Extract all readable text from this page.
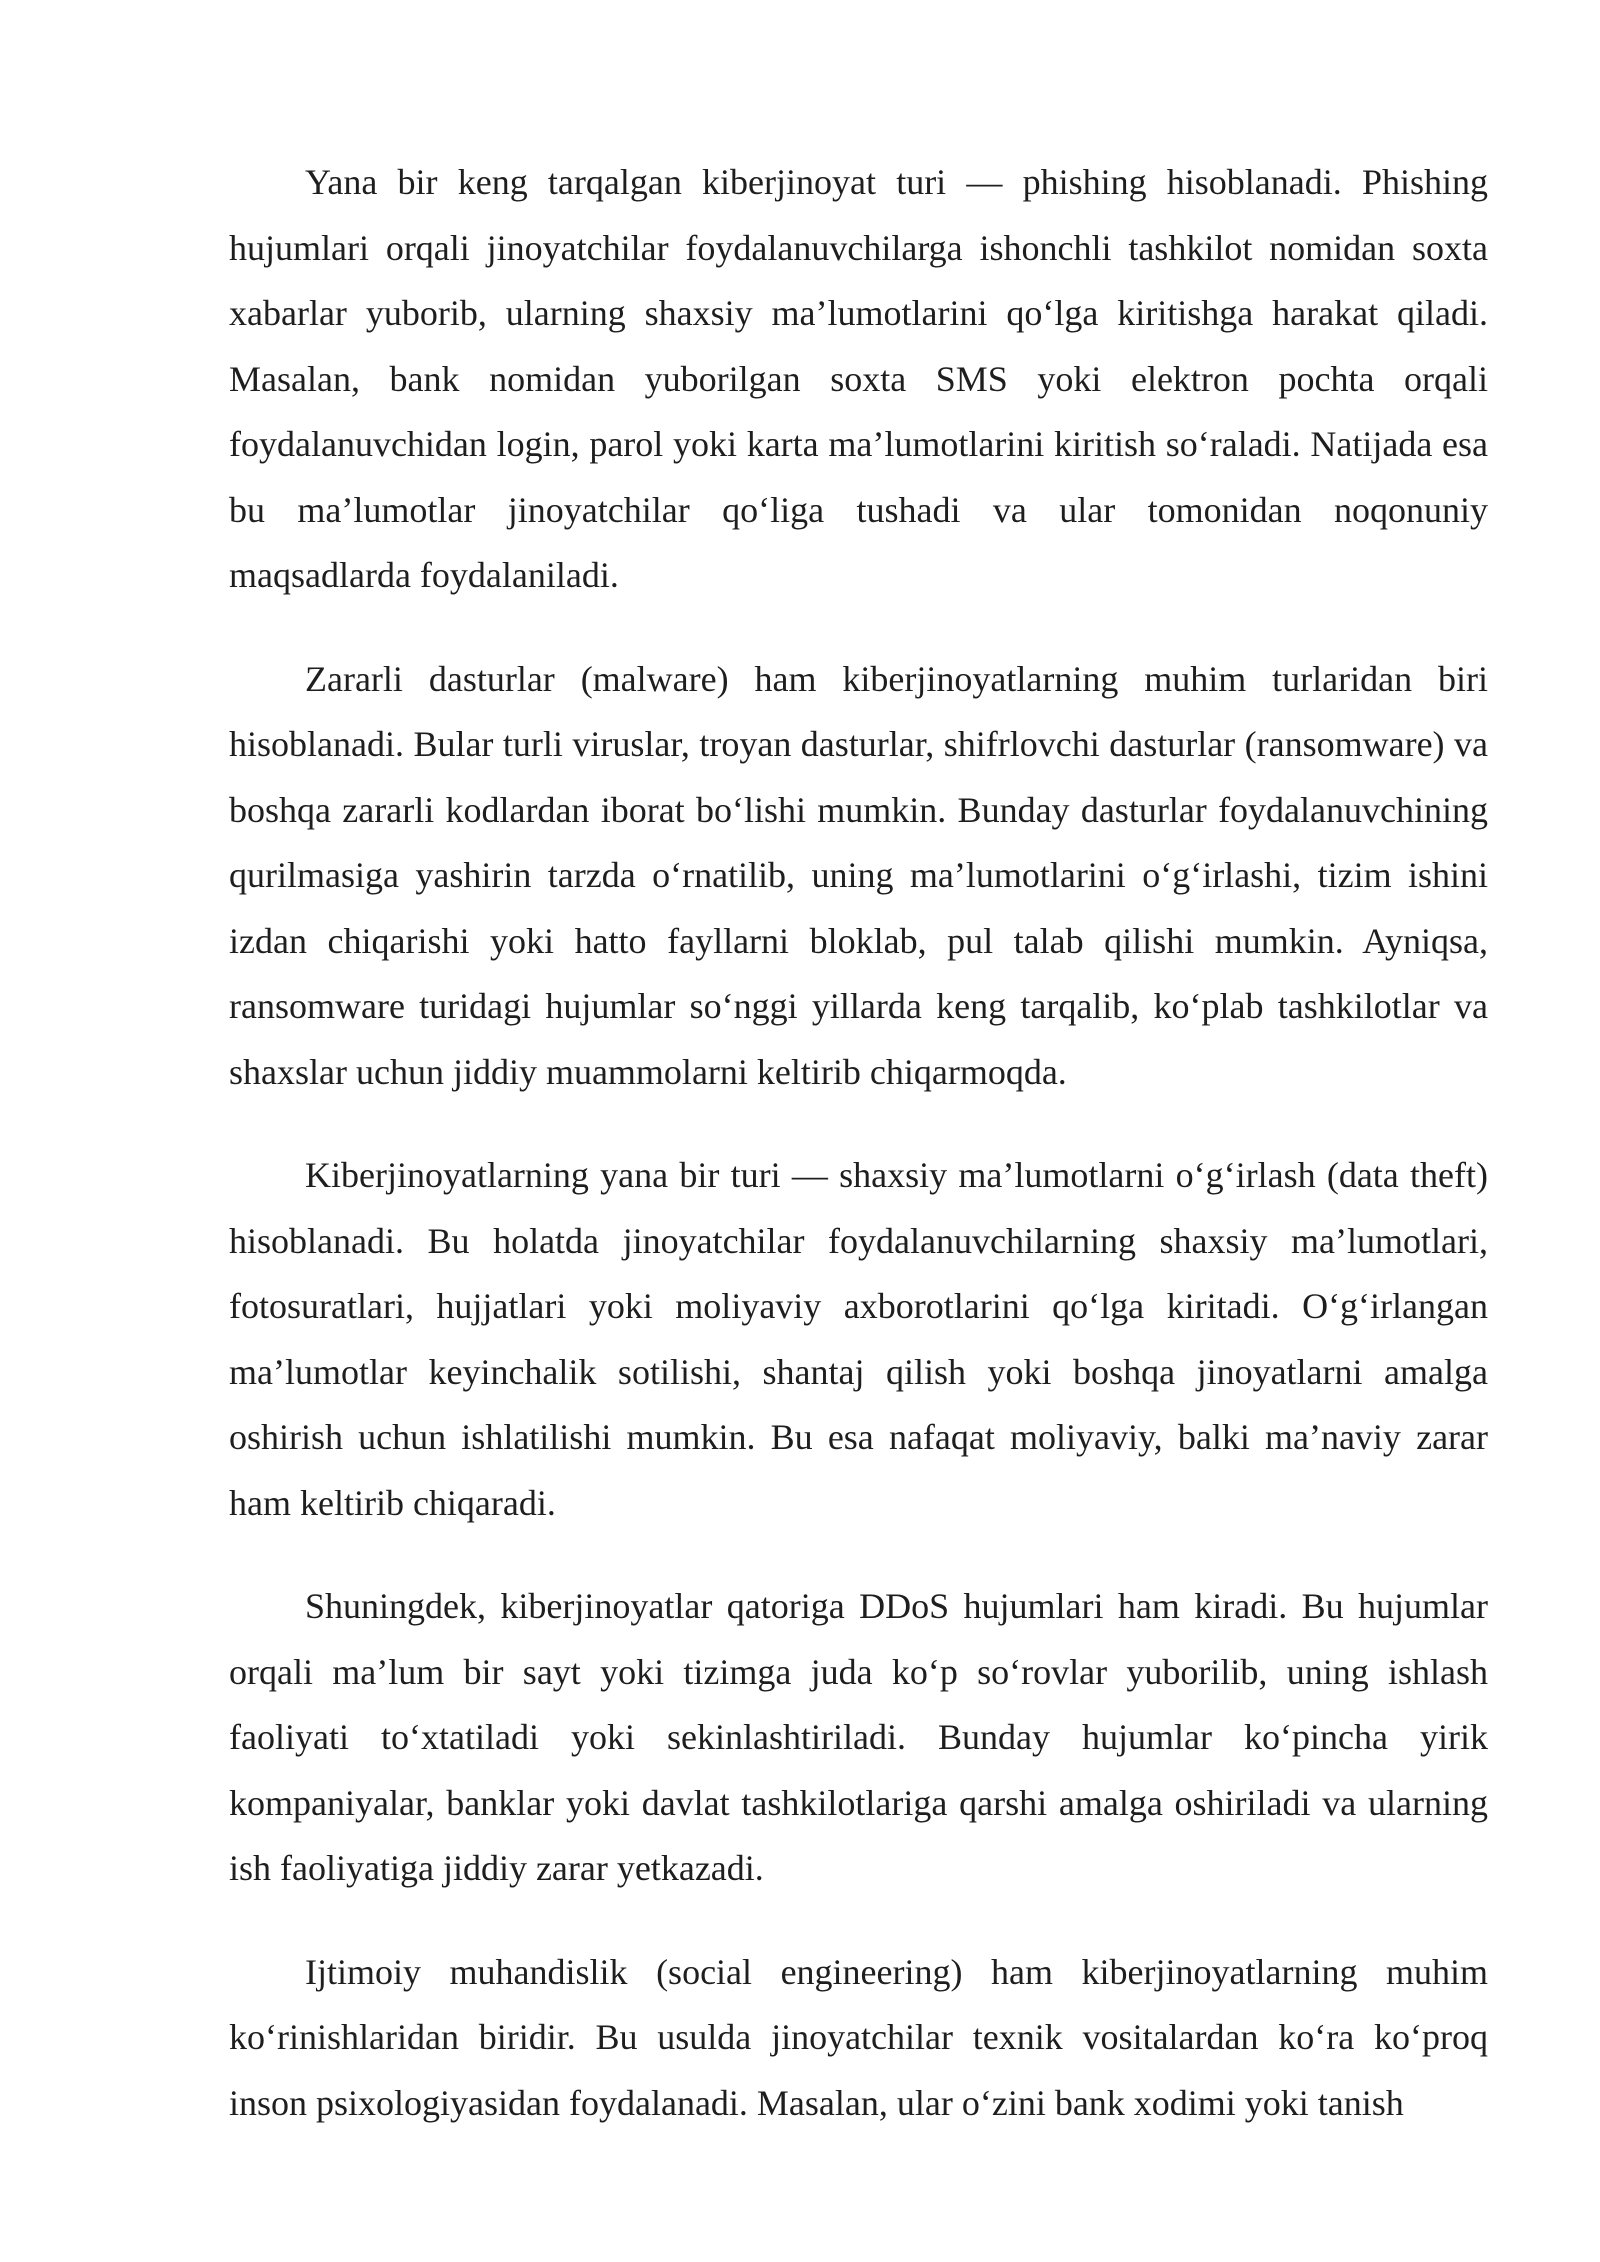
Yana bir keng tarqalgan kiberjinoyat turi — phishing hisoblanadi. Phishing hujumlari orqali jinoyatchilar foydalanuvchilarga ishonchli tashkilot nomidan soxta xabarlar yuborib, ularning shaxsiy ma’lumotlarini qo‘lga kiritishga harakat qiladi. Masalan, bank nomidan yuborilgan soxta SMS yoki elektron pochta orqali foydalanuvchidan login, parol yoki karta ma’lumotlarini kiritish so‘raladi. Natijada esa bu ma’lumotlar jinoyatchilar qo‘liga tushadi va ular tomonidan noqonuniy maqsadlarda foydalaniladi.

Zararli dasturlar (malware) ham kiberjinoyatlarning muhim turlaridan biri hisoblanadi. Bular turli viruslar, troyan dasturlar, shifrlovchi dasturlar (ransomware) va boshqa zararli kodlardan iborat bo‘lishi mumkin. Bunday dasturlar foydalanuvchining qurilmasiga yashirin tarzda o‘rnatilib, uning ma’lumotlarini o‘g‘irlashi, tizim ishini izdan chiqarishi yoki hatto fayllarni bloklab, pul talab qilishi mumkin. Ayniqsa, ransomware turidagi hujumlar so‘nggi yillarda keng tarqalib, ko‘plab tashkilotlar va shaxslar uchun jiddiy muammolarni keltirib chiqarmoqda.

Kiberjinoyatlarning yana bir turi — shaxsiy ma’lumotlarni o‘g‘irlash (data theft) hisoblanadi. Bu holatda jinoyatchilar foydalanuvchilarning shaxsiy ma’lumotlari, fotosuratlari, hujjatlari yoki moliyaviy axborotlarini qo‘lga kiritadi. O‘g‘irlangan ma’lumotlar keyinchalik sotilishi, shantaj qilish yoki boshqa jinoyatlarni amalga oshirish uchun ishlatilishi mumkin. Bu esa nafaqat moliyaviy, balki ma’naviy zarar ham keltirib chiqaradi.

Shuningdek, kiberjinoyatlar qatoriga DDoS hujumlari ham kiradi. Bu hujumlar orqali ma’lum bir sayt yoki tizimga juda ko‘p so‘rovlar yuborilib, uning ishlash faoliyati to‘xtatiladi yoki sekinlashtiriladi. Bunday hujumlar ko‘pincha yirik kompaniyalar, banklar yoki davlat tashkilotlariga qarshi amalga oshiriladi va ularning ish faoliyatiga jiddiy zarar yetkazadi.

Ijtimoiy muhandislik (social engineering) ham kiberjinoyatlarning muhim ko‘rinishlaridan biridir. Bu usulda jinoyatchilar texnik vositalardan ko‘ra ko‘proq inson psixologiyasidan foydalanadi. Masalan, ular o‘zini bank xodimi yoki tanish
